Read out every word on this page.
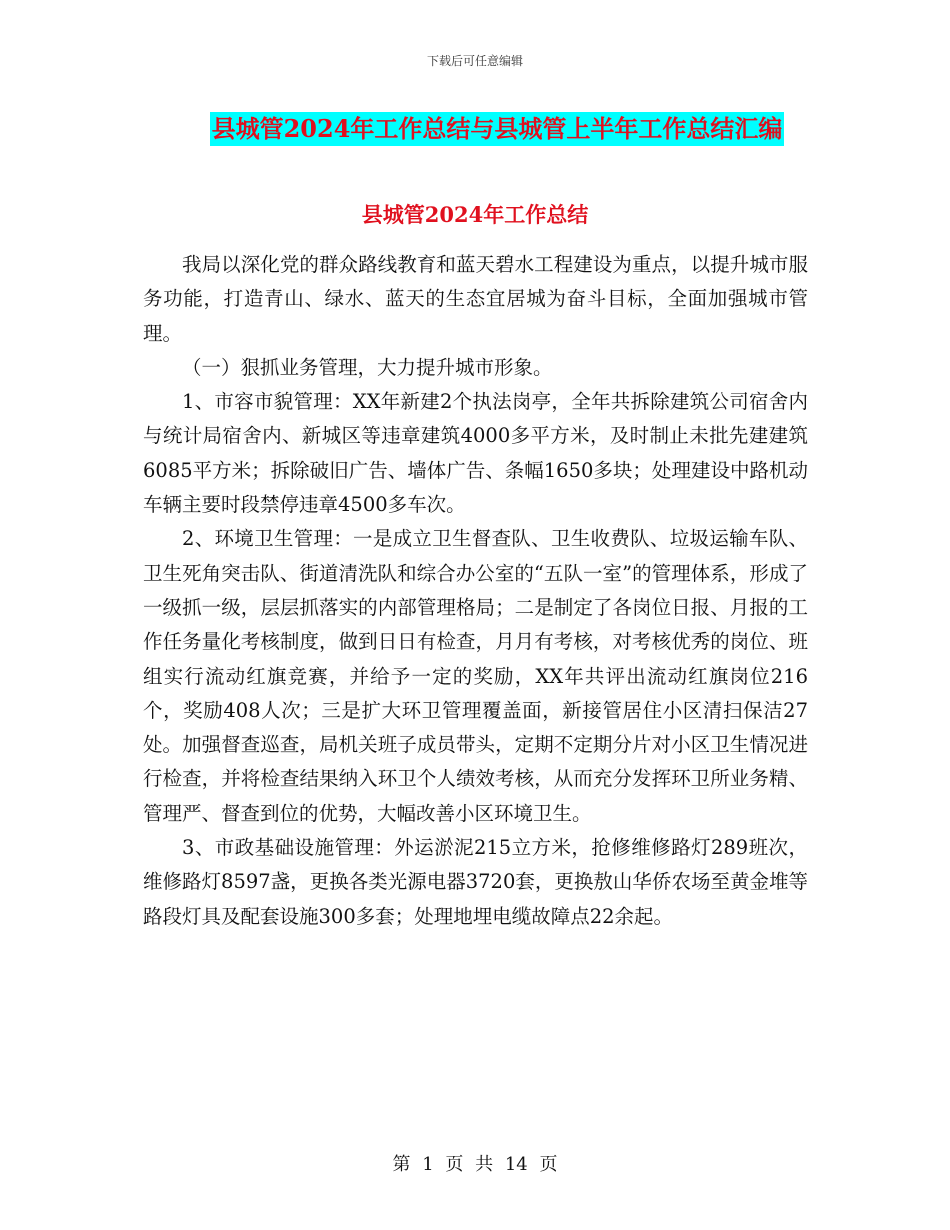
下载后可任意编辑
县城管2024年工作总结与县城管上半年工作总结汇编
县城管2024年工作总结

我局以深化党的群众路线教育和蓝天碧水工程建设为重点，以提升城市服务功能，打造青山、绿水、蓝天的生态宜居城为奋斗目标，全面加强城市管理。

（一）狠抓业务管理，大力提升城市形象。

1、市容市貌管理：XX年新建2个执法岗亭，全年共拆除建筑公司宿舍内与统计局宿舍内、新城区等违章建筑4000多平方米，及时制止未批先建建筑6085平方米；拆除破旧广告、墙体广告、条幅1650多块；处理建设中路机动车辆主要时段禁停违章4500多车次。

2、环境卫生管理：一是成立卫生督查队、卫生收费队、垃圾运输车队、卫生死角突击队、街道清洗队和综合办公室的“五队一室”的管理体系，形成了一级抓一级，层层抓落实的内部管理格局；二是制定了各岗位日报、月报的工作任务量化考核制度，做到日日有检查，月月有考核，对考核优秀的岗位、班组实行流动红旗竞赛，并给予一定的奖励，XX年共评出流动红旗岗位216个，奖励408人次；三是扩大环卫管理覆盖面，新接管居住小区清扫保洁27处。加强督查巡查，局机关班子成员带头，定期不定期分片对小区卫生情况进行检查，并将检查结果纳入环卫个人绩效考核，从而充分发挥环卫所业务精、管理严、督查到位的优势，大幅改善小区环境卫生。

3、市政基础设施管理：外运淤泥215立方米，抢修维修路灯289班次，维修路灯8597盏，更换各类光源电器3720套，更换敖山华侨农场至黄金堆等路段灯具及配套设施300多套；处理地埋电缆故障点22余起。

第 1 页 共 14 页
